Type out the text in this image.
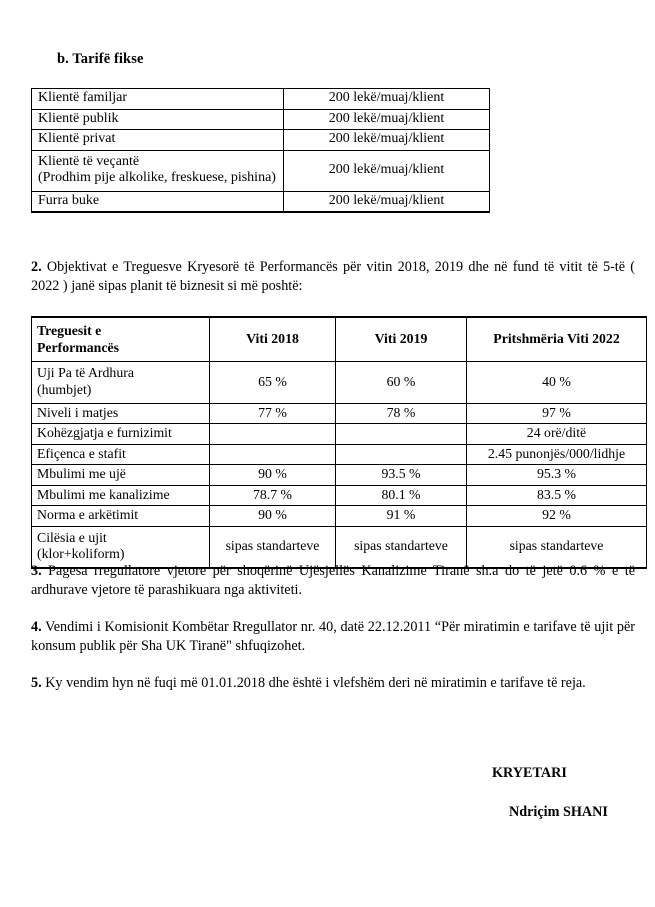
b. Tarifë fikse
Klientë familjar	200 lekë/muaj/klient
Klientë publik	200 lekë/muaj/klient
Klientë privat	200 lekë/muaj/klient

Klientë të veçantë
(Prodhim pije alkolike, freskuese, pishina)	200 lekë/muaj/klient
Furra buke	200 lekë/muaj/klient
2. Objektivat e Treguesve Kryesorë të Performancës për vitin 2018, 2019 dhe në fund të vitit të 5-të ( 2022 ) janë sipas planit të biznesit si më poshtë:
Treguesit e
Performancës	Viti 2018	Viti 2019	Pritshmëria Viti 2022

Uji Pa të Ardhura
(humbjet)	65 %	60 %	40 %
Niveli i matjes	77 %	78 %	97 %
Kohëzgjatja e furnizimit			24 orë/ditë
Efiçenca e stafit			2.45 punonjës/000/lidhje
Mbulimi me ujë	90 %	93.5 %	95.3 %
Mbulimi me kanalizime	78.7 %	80.1 %	83.5 %
Norma e arkëtimit	90 %	91 %	92 %

Cilësia e ujit
(klor+koliform)	sipas standarteve	sipas standarteve	sipas standarteve
3. Pagesa rregullatore vjetore për shoqërinë Ujësjellës Kanalizime Tiranë sh.a do të jetë 0.6 % e të ardhurave vjetore të parashikuara nga aktiviteti.
4. Vendimi i Komisionit Kombëtar Rregullator nr. 40, datë 22.12.2011 “Për miratimin e tarifave të ujit për konsum publik për Sha UK Tiranë" shfuqizohet.
5. Ky vendim hyn në fuqi më 01.01.2018 dhe është i vlefshëm deri në miratimin e tarifave të reja.
KRYETARI
Ndriçim SHANI
